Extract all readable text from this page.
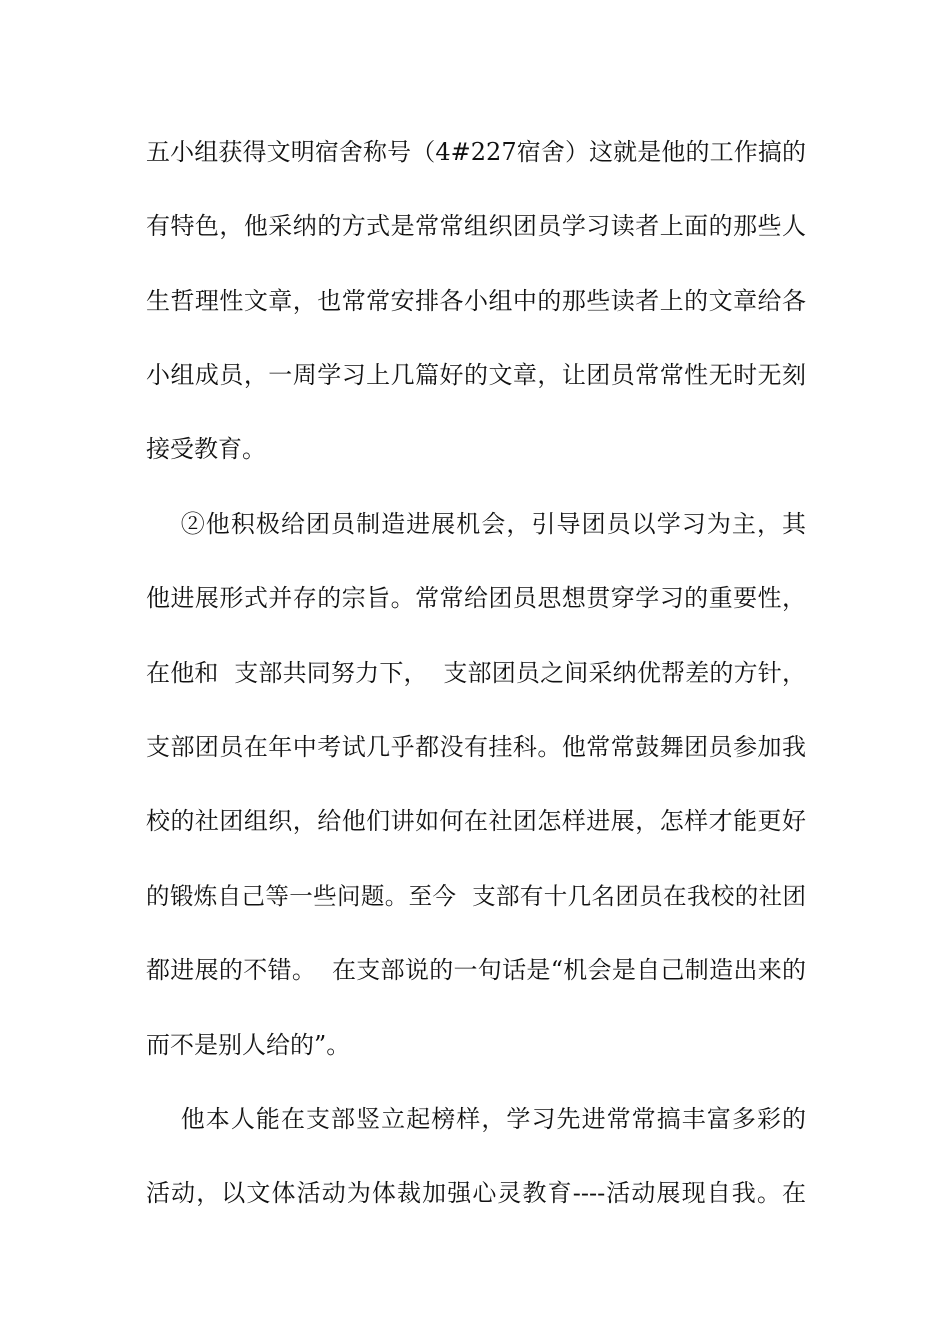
五小组获得文明宿舍称号（4#227宿舍）这就是他的工作搞的
有特色，他采纳的方式是常常组织团员学习读者上面的那些人
生哲理性文章，也常常安排各小组中的那些读者上的文章给各
小组成员，一周学习上几篇好的文章，让团员常常性无时无刻
接受教育。
②他积极给团员制造进展机会，引导团员以学习为主，其
他进展形式并存的宗旨。常常给团员思想贯穿学习的重要性，
在他和  支部共同努力下，  支部团员之间采纳优帮差的方针，
支部团员在年中考试几乎都没有挂科。他常常鼓舞团员参加我
校的社团组织，给他们讲如何在社团怎样进展，怎样才能更好
的锻炼自己等一些问题。至今  支部有十几名团员在我校的社团
都进展的不错。  在支部说的一句话是“机会是自己制造出来的
而不是别人给的”。
他本人能在支部竖立起榜样，学习先进常常搞丰富多彩的
活动，以文体活动为体裁加强心灵教育----活动展现自我。在
